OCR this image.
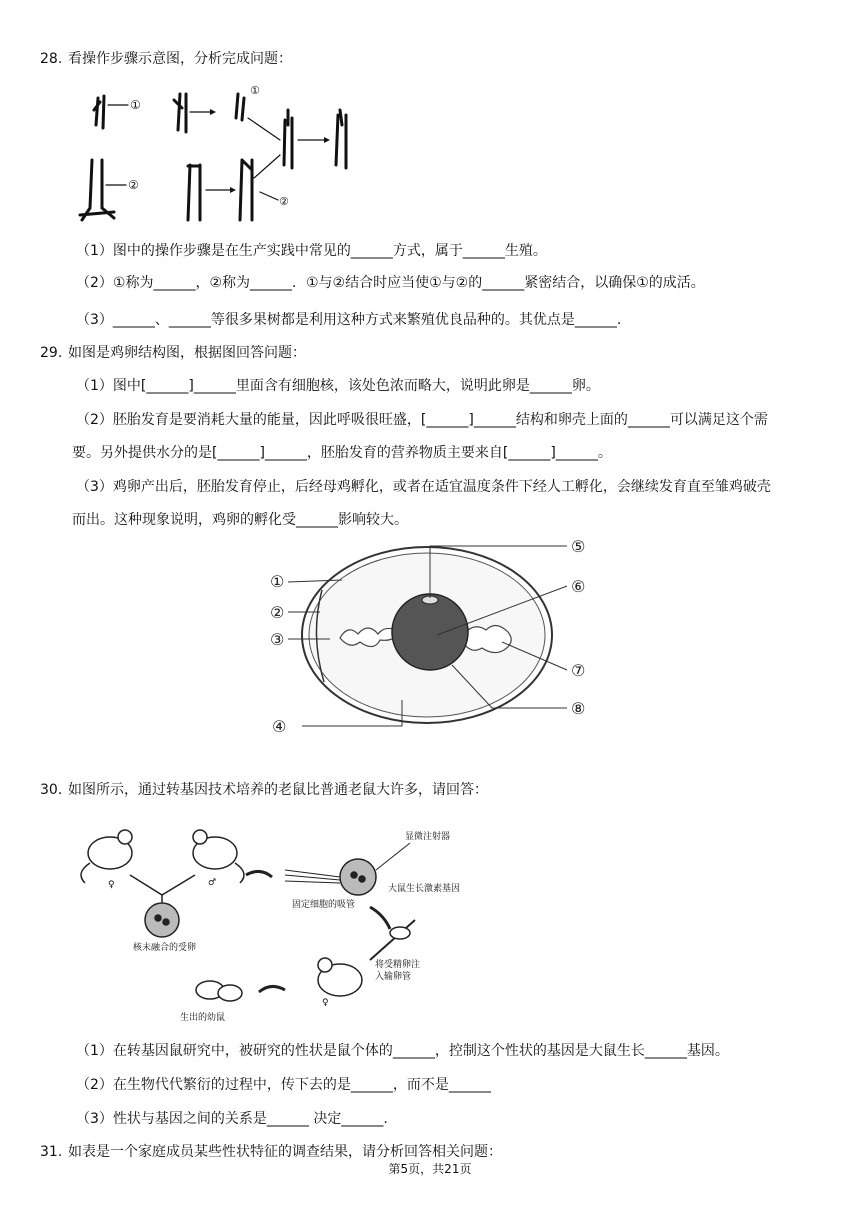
28. 看操作步骤示意图，分析完成问题：
①
①
②
②
（1）图中的操作步骤是在生产实践中常见的______方式，属于______生殖。
（2）①称为______，②称为______．①与②结合时应当使①与②的______紧密结合，以确保①的成活。
（3）______、______等很多果树都是利用这种方式来繁殖优良品种的。其优点是______.
29. 如图是鸡卵结构图，根据图回答问题：
（1）图中[______]______里面含有细胞核，该处色浓而略大，说明此卵是______卵。
（2）胚胎发育是要消耗大量的能量，因此呼吸很旺盛，[______]______结构和卵壳上面的______可以满足这个需
要。另外提供水分的是[______]______，胚胎发育的营养物质主要来自[______]______。
（3）鸡卵产出后，胚胎发育停止，后经母鸡孵化，或者在适宜温度条件下经人工孵化，会继续发育直至雏鸡破壳
而出。这种现象说明，鸡卵的孵化受______影响较大。
①
②
③
④
⑤
⑥
⑦
⑧
30. 如图所示，通过转基因技术培养的老鼠比普通老鼠大许多，请回答：
♀	♂
核未融合的受卵
显微注射器
大鼠生长激素基因
固定细胞的吸管
将受精卵注
入输卵管
♀
生出的幼鼠
（1）在转基因鼠研究中，被研究的性状是鼠个体的______，控制这个性状的基因是大鼠生长______基因。
（2）在生物代代繁衍的过程中，传下去的是______，而不是______
（3）性状与基因之间的关系是______ 决定______.
31. 如表是一个家庭成员某些性状特征的调查结果，请分析回答相关问题：
第5页，共21页
